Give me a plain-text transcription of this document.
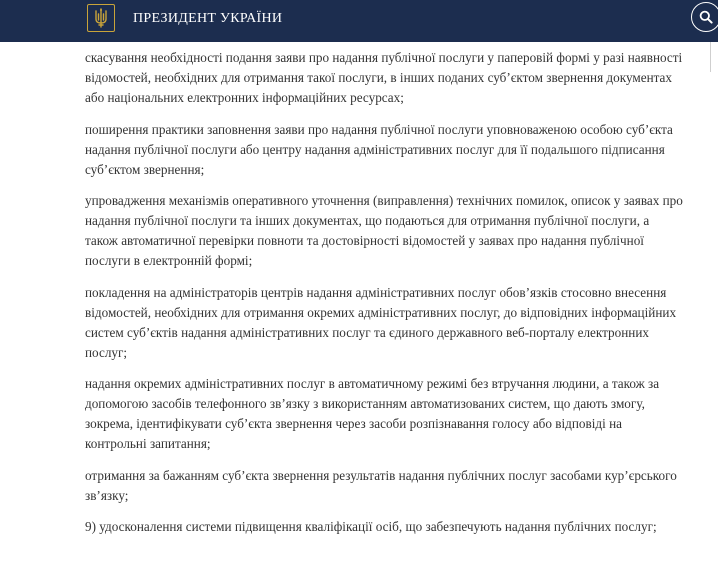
ПРЕЗИДЕНТ УКРАЇНИ

скасування необхідності подання заяви про надання публічної послуги у паперовій формі у разі наявності відомостей, необхідних для отримання такої послуги, в інших поданих суб’єктом звернення документах або національних електронних інформаційних ресурсах;

поширення практики заповнення заяви про надання публічної послуги уповноваженою особою суб’єкта надання публічної послуги або центру надання адміністративних послуг для її подальшого підписання суб’єктом звернення;

упровадження механізмів оперативного уточнення (виправлення) технічних помилок, описок у заявах про надання публічної послуги та інших документах, що подаються для отримання публічної послуги, а також автоматичної перевірки повноти та достовірності відомостей у заявах про надання публічної послуги в електронній формі;

покладення на адміністраторів центрів надання адміністративних послуг обов’язків стосовно внесення відомостей, необхідних для отримання окремих адміністративних послуг, до відповідних інформаційних систем суб’єктів надання адміністративних послуг та єдиного державного веб-порталу електронних послуг;

надання окремих адміністративних послуг в автоматичному режимі без втручання людини, а також за допомогою засобів телефонного зв’язку з використанням автоматизованих систем, що дають змогу, зокрема, ідентифікувати суб’єкта звернення через засоби розпізнавання голосу або відповіді на контрольні запитання;

отримання за бажанням суб’єкта звернення результатів надання публічних послуг засобами кур’єрського зв’язку;

9) удосконалення системи підвищення кваліфікації осіб, що забезпечують надання публічних послуг;
